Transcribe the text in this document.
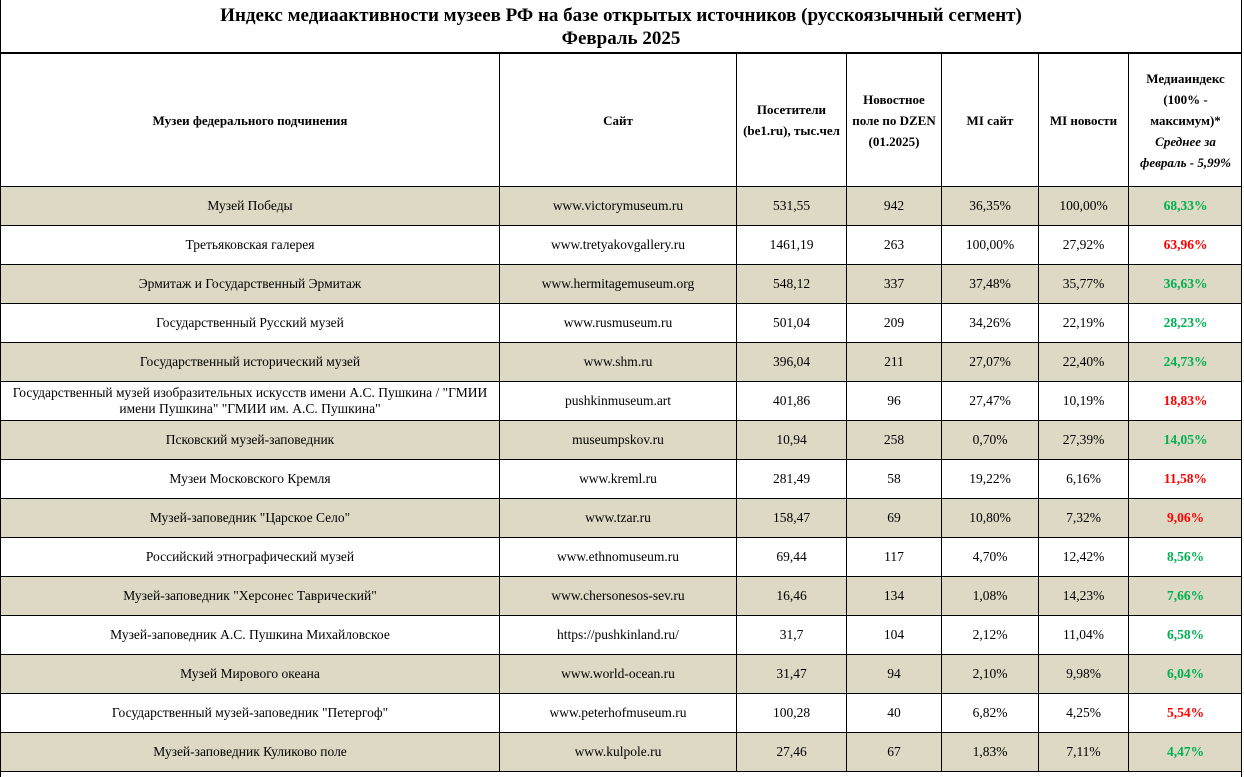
Индекс медиаактивности музеев РФ на базе открытых источников (русскоязычный сегмент)
Февраль 2025
Музеи федерального подчинения	Сайт	Посетители (be1.ru), тыс.чел	Новостное поле по DZEN (01.2025)	MI сайт	MI новости	Медиаиндекс (100% - максимум)*
Среднее за февраль - 5,99%

Музей Победы	www.victorymuseum.ru	531,55	942	36,35%	100,00%	68,33%
Третьяковская галерея	www.tretyakovgallery.ru	1461,19	263	100,00%	27,92%	63,96%
Эрмитаж и Государственный Эрмитаж	www.hermitagemuseum.org	548,12	337	37,48%	35,77%	36,63%
Государственный Русский музей	www.rusmuseum.ru	501,04	209	34,26%	22,19%	28,23%
Государственный исторический музей	www.shm.ru	396,04	211	27,07%	22,40%	24,73%
Государственный музей изобразительных искусств имени А.С. Пушкина / "ГМИИ имени Пушкина" "ГМИИ им. А.С. Пушкина"	pushkinmuseum.art	401,86	96	27,47%	10,19%	18,83%
Псковский музей-заповедник	museumpskov.ru	10,94	258	0,70%	27,39%	14,05%
Музеи Московского Кремля	www.kreml.ru	281,49	58	19,22%	6,16%	11,58%
Музей-заповедник "Царское Село"	www.tzar.ru	158,47	69	10,80%	7,32%	9,06%
Российский этнографический музей	www.ethnomuseum.ru	69,44	117	4,70%	12,42%	8,56%
Музей-заповедник "Херсонес Таврический"	www.chersonesos-sev.ru	16,46	134	1,08%	14,23%	7,66%
Музей-заповедник А.С. Пушкина Михайловское	https://pushkinland.ru/	31,7	104	2,12%	11,04%	6,58%
Музей Мирового океана	www.world-ocean.ru	31,47	94	2,10%	9,98%	6,04%
Государственный музей-заповедник "Петергоф"	www.peterhofmuseum.ru	100,28	40	6,82%	4,25%	5,54%
Музей-заповедник Куликово поле	www.kulpole.ru	27,46	67	1,83%	7,11%	4,47%
